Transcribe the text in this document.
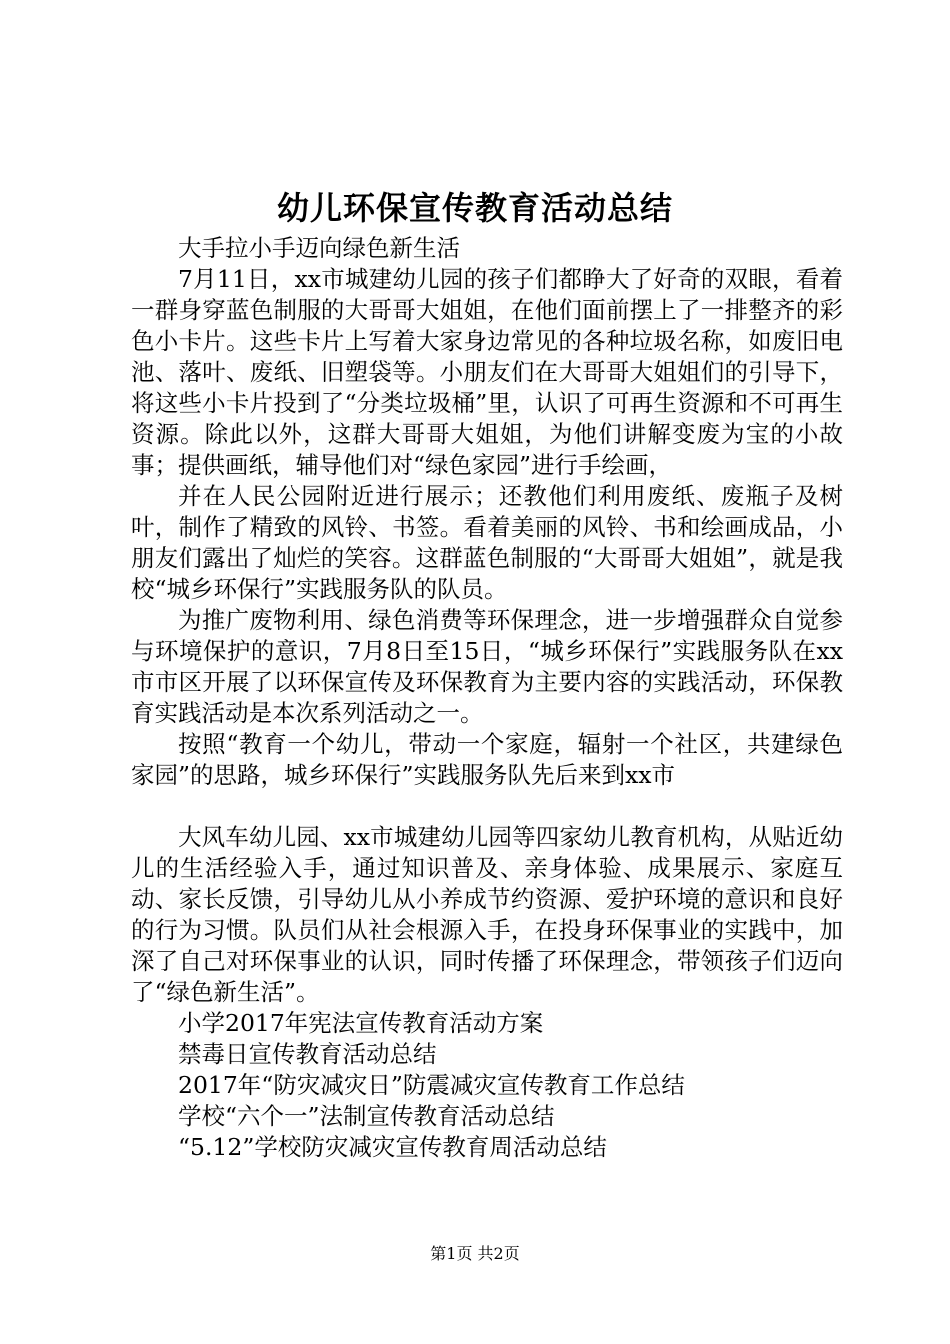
幼儿环保宣传教育活动总结

大手拉小手迈向绿色新生活

7月11日，xx市城建幼儿园的孩子们都睁大了好奇的双眼，看着一群身穿蓝色制服的大哥哥大姐姐，在他们面前摆上了一排整齐的彩色小卡片。这些卡片上写着大家身边常见的各种垃圾名称，如废旧电池、落叶、废纸、旧塑袋等。小朋友们在大哥哥大姐姐们的引导下，将这些小卡片投到了“分类垃圾桶”里，认识了可再生资源和不可再生资源。除此以外，这群大哥哥大姐姐，为他们讲解变废为宝的小故事；提供画纸，辅导他们对“绿色家园”进行手绘画，

并在人民公园附近进行展示；还教他们利用废纸、废瓶子及树叶，制作了精致的风铃、书签。看着美丽的风铃、书和绘画成品，小朋友们露出了灿烂的笑容。这群蓝色制服的“大哥哥大姐姐”，就是我校“城乡环保行”实践服务队的队员。

为推广废物利用、绿色消费等环保理念，进一步增强群众自觉参与环境保护的意识，7月8日至15日，“城乡环保行”实践服务队在xx市市区开展了以环保宣传及环保教育为主要内容的实践活动，环保教育实践活动是本次系列活动之一。

按照“教育一个幼儿，带动一个家庭，辐射一个社区，共建绿色家园”的思路，城乡环保行”实践服务队先后来到xx市

大风车幼儿园、xx市城建幼儿园等四家幼儿教育机构，从贴近幼儿的生活经验入手，通过知识普及、亲身体验、成果展示、家庭互动、家长反馈，引导幼儿从小养成节约资源、爱护环境的意识和良好的行为习惯。队员们从社会根源入手，在投身环保事业的实践中，加深了自己对环保事业的认识，同时传播了环保理念，带领孩子们迈向了“绿色新生活”。

小学2017年宪法宣传教育活动方案

禁毒日宣传教育活动总结

2017年“防灾减灾日”防震减灾宣传教育工作总结

学校“六个一”法制宣传教育活动总结

“5.12”学校防灾减灾宣传教育周活动总结

第1页 共2页
